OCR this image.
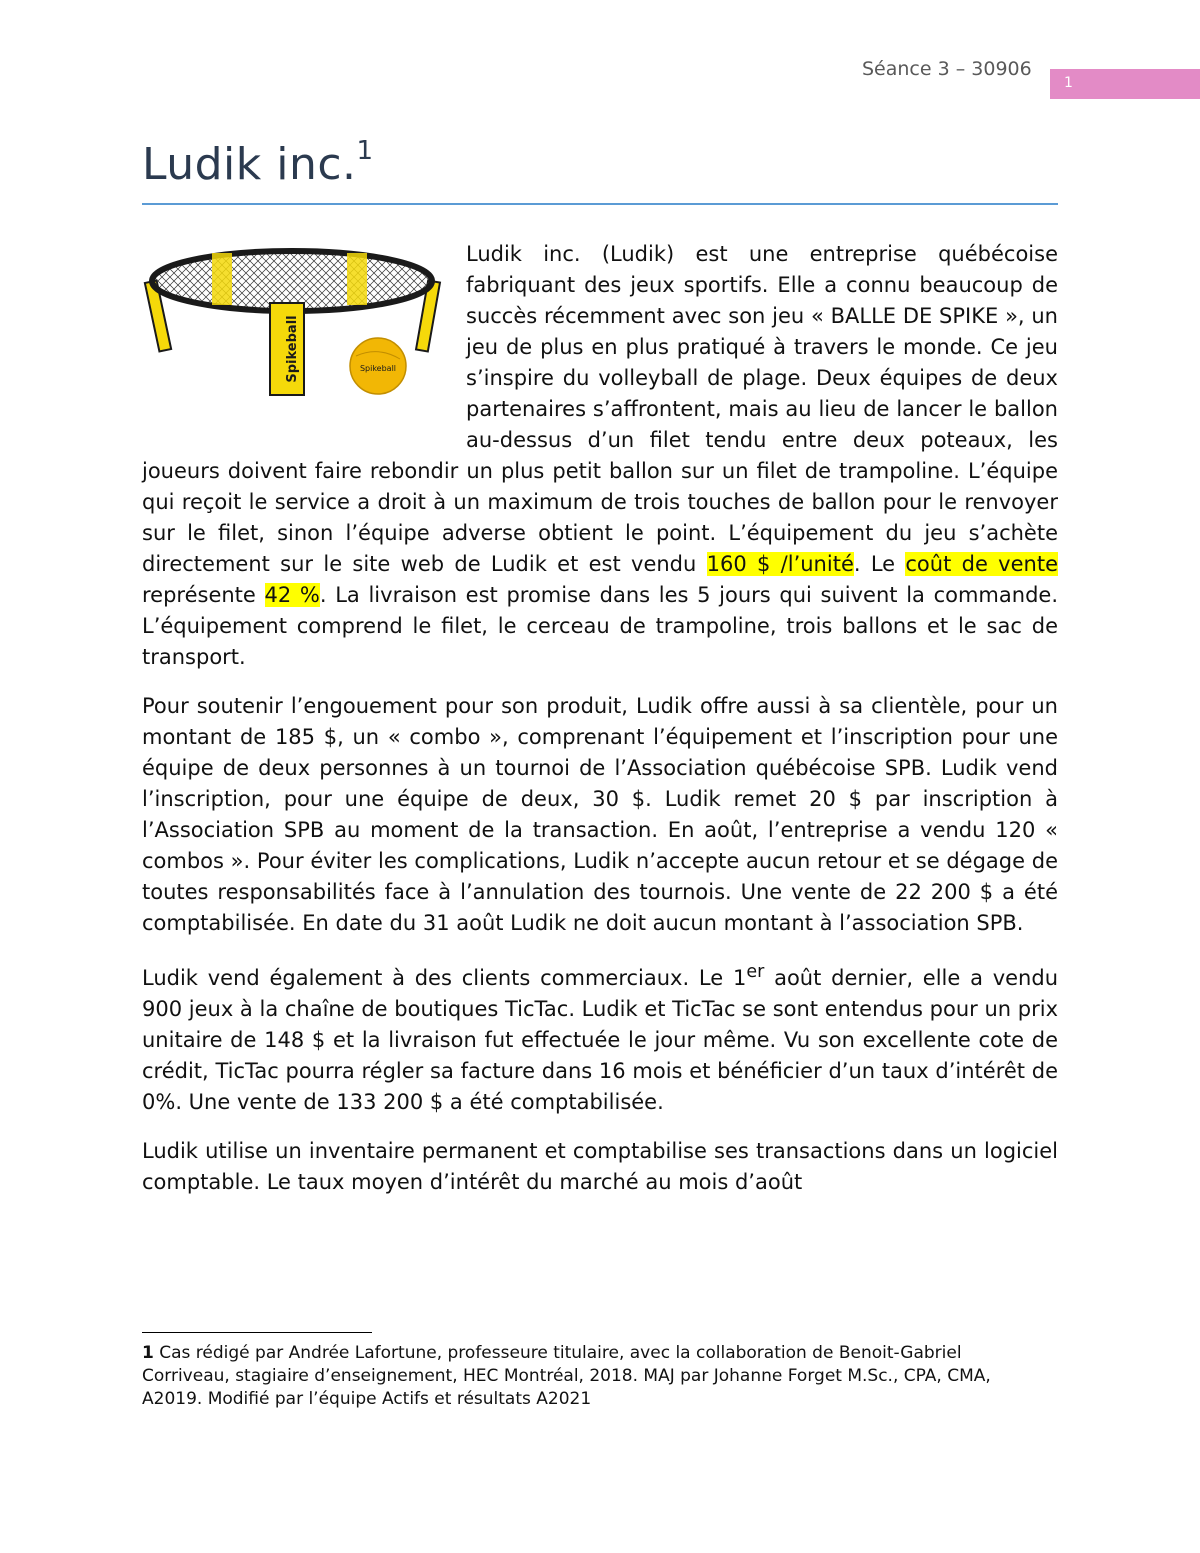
Séance 3 – 30906
1
Ludik inc.$^1$

Spikeball	Spikeball
Ludik inc. (Ludik) est une entreprise québécoise fabriquant des jeux sportifs. Elle a connu beaucoup de succès récemment avec son jeu « BALLE DE SPIKE », un jeu de plus en plus pratiqué à travers le monde. Ce jeu s’inspire du volleyball de plage. Deux équipes de deux partenaires s’affrontent, mais au lieu de lancer le ballon au-dessus d’un filet tendu entre deux poteaux, les joueurs doivent faire rebondir un plus petit ballon sur un filet de trampoline. L’équipe qui reçoit le service a droit à un maximum de trois touches de ballon pour le renvoyer sur le filet, sinon l’équipe adverse obtient le point. L’équipement du jeu s’achète directement sur le site web de Ludik et est vendu 160 $ /l’unité. Le coût de vente représente 42 %. La livraison est promise dans les 5 jours qui suivent la commande. L’équipement comprend le filet, le cerceau de trampoline, trois ballons et le sac de transport.

Pour soutenir l’engouement pour son produit, Ludik offre aussi à sa clientèle, pour un montant de 185 $, un « combo », comprenant l’équipement et l’inscription pour une équipe de deux personnes à un tournoi de l’Association québécoise SPB. Ludik vend l’inscription, pour une équipe de deux, 30 $. Ludik remet 20 $ par inscription à l’Association SPB au moment de la transaction. En août, l’entreprise a vendu 120 « combos ». Pour éviter les complications, Ludik n’accepte aucun retour et se dégage de toutes responsabilités face à l’annulation des tournois. Une vente de 22 200 $ a été comptabilisée. En date du 31 août Ludik ne doit aucun montant à l’association SPB.

Ludik vend également à des clients commerciaux. Le 1er août dernier, elle a vendu 900 jeux à la chaîne de boutiques TicTac. Ludik et TicTac se sont entendus pour un prix unitaire de 148 $ et la livraison fut effectuée le jour même. Vu son excellente cote de crédit, TicTac pourra régler sa facture dans 16 mois et bénéficier d’un taux d’intérêt de 0%. Une vente de 133 200 $ a été comptabilisée.

Ludik utilise un inventaire permanent et comptabilise ses transactions dans un logiciel comptable. Le taux moyen d’intérêt du marché au mois d’août

1 Cas rédigé par Andrée Lafortune, professeure titulaire, avec la collaboration de Benoit-Gabriel Corriveau, stagiaire d’enseignement, HEC Montréal, 2018. MAJ par Johanne Forget M.Sc., CPA, CMA, A2019. Modifié par l’équipe Actifs et résultats A2021
